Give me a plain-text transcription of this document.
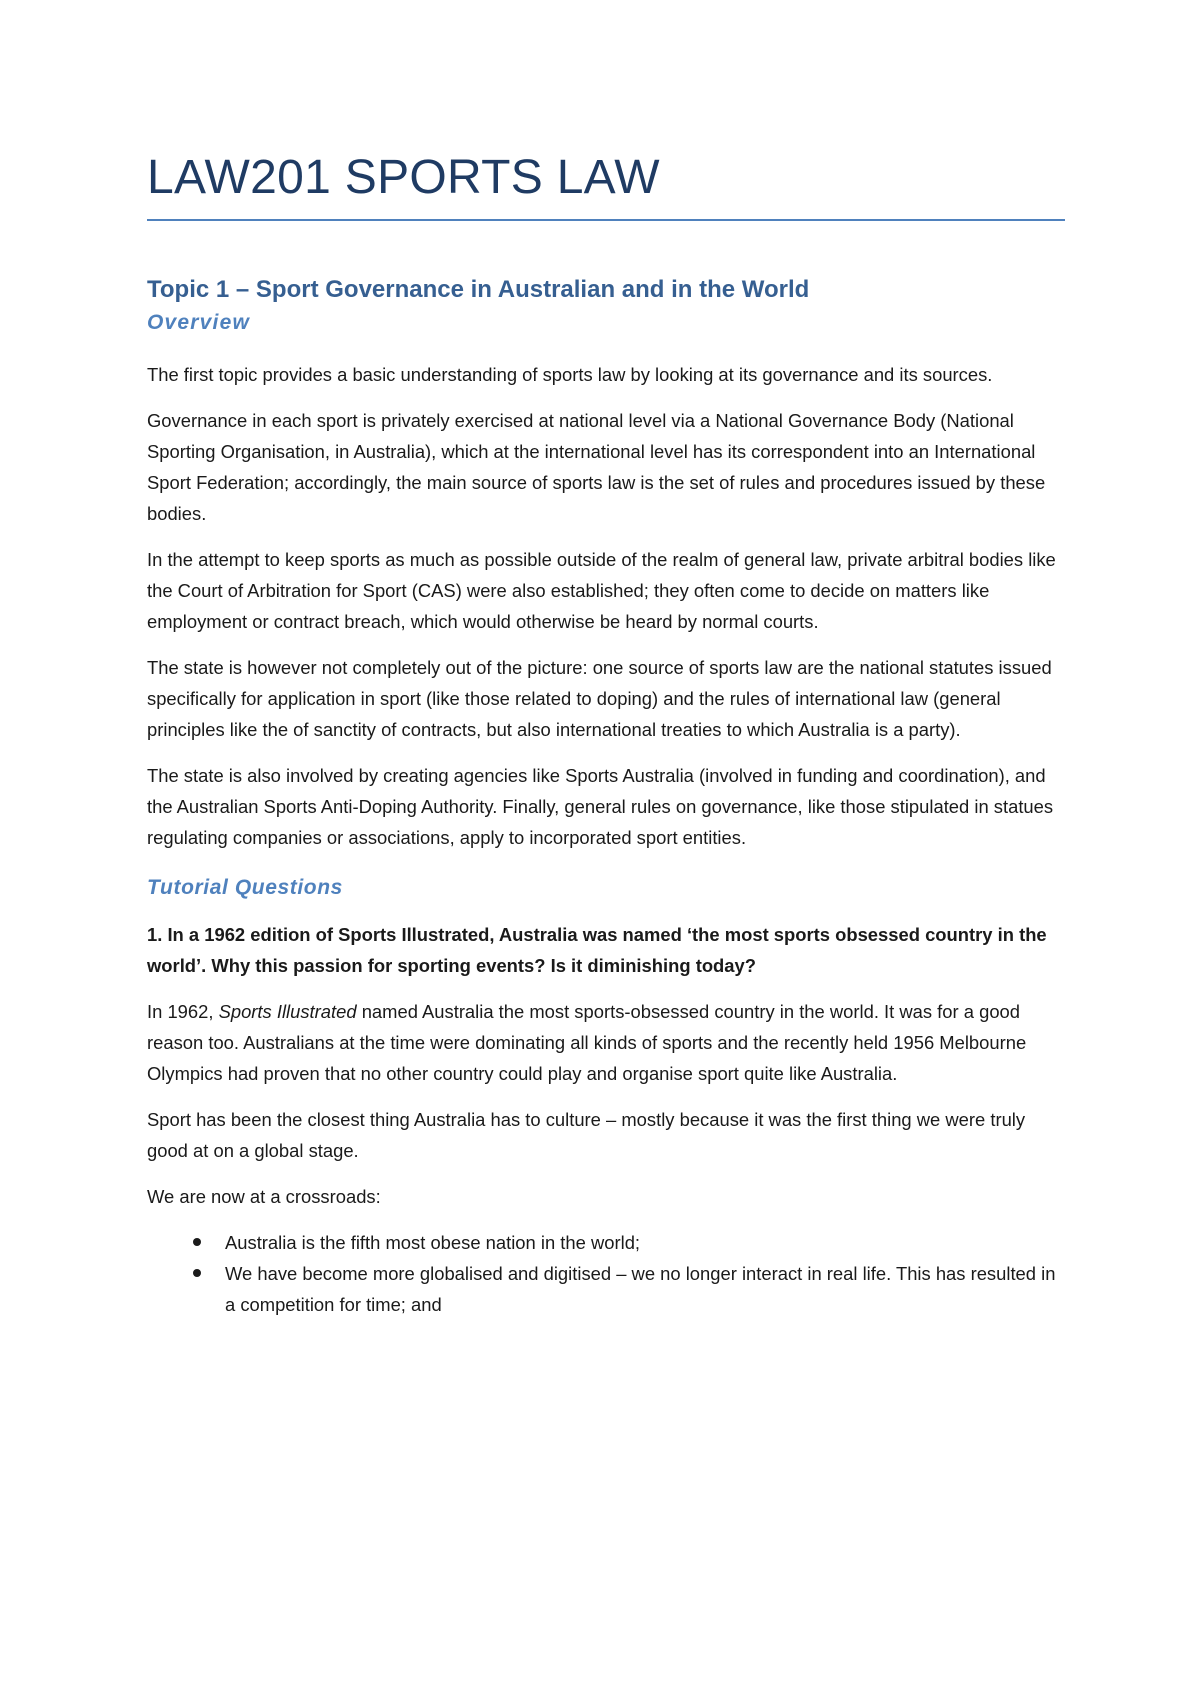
LAW201 SPORTS LAW
Topic 1 – Sport Governance in Australian and in the World
Overview

The first topic provides a basic understanding of sports law by looking at its governance and its sources.

Governance in each sport is privately exercised at national level via a National Governance Body (National Sporting Organisation, in Australia), which at the international level has its correspondent into an International Sport Federation; accordingly, the main source of sports law is the set of rules and procedures issued by these bodies.

In the attempt to keep sports as much as possible outside of the realm of general law, private arbitral bodies like the Court of Arbitration for Sport (CAS) were also established; they often come to decide on matters like employment or contract breach, which would otherwise be heard by normal courts.

The state is however not completely out of the picture: one source of sports law are the national statutes issued specifically for application in sport (like those related to doping) and the rules of international law (general principles like the of sanctity of contracts, but also international treaties to which Australia is a party).

The state is also involved by creating agencies like Sports Australia (involved in funding and coordination), and the Australian Sports Anti-Doping Authority. Finally, general rules on governance, like those stipulated in statues regulating companies or associations, apply to incorporated sport entities.

Tutorial Questions

1. In a 1962 edition of Sports Illustrated, Australia was named ‘the most sports obsessed country in the world’. Why this passion for sporting events? Is it diminishing today?

In 1962, Sports Illustrated named Australia the most sports-obsessed country in the world. It was for a good reason too. Australians at the time were dominating all kinds of sports and the recently held 1956 Melbourne Olympics had proven that no other country could play and organise sport quite like Australia.

Sport has been the closest thing Australia has to culture – mostly because it was the first thing we were truly good at on a global stage.

We are now at a crossroads:

Australia is the fifth most obese nation in the world;
We have become more globalised and digitised – we no longer interact in real life. This has resulted in a competition for time; and
